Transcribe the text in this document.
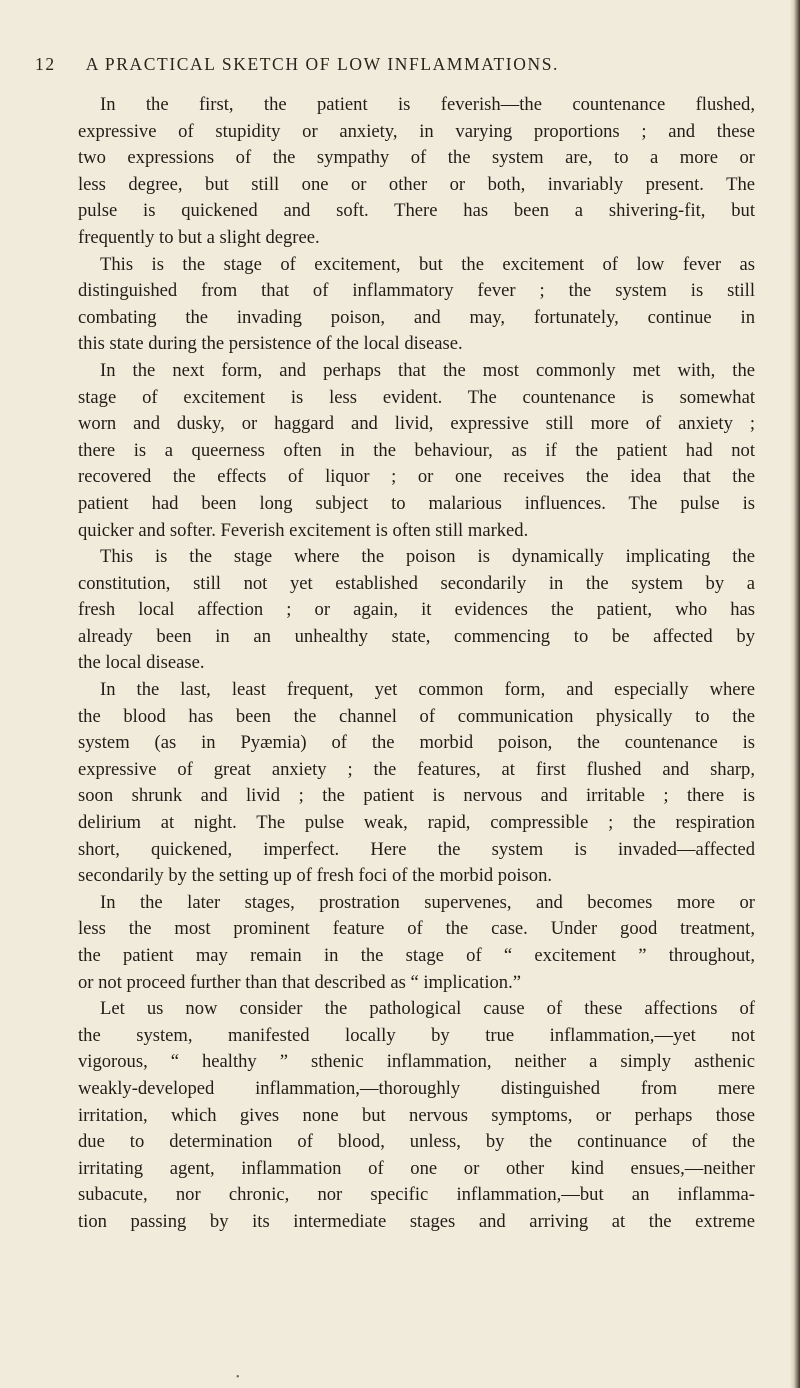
12 A PRACTICAL SKETCH OF LOW INFLAMMATIONS.
In the first, the patient is feverish—the countenance flushed,
expressive of stupidity or anxiety, in varying proportions ; and these
two expressions of the sympathy of the system are, to a more or
less degree, but still one or other or both, invariably present. The
pulse is quickened and soft. There has been a shivering-fit, but
frequently to but a slight degree.
This is the stage of excitement, but the excitement of low fever as
distinguished from that of inflammatory fever ; the system is still
combating the invading poison, and may, fortunately, continue in
this state during the persistence of the local disease.
In the next form, and perhaps that the most commonly met with, the
stage of excitement is less evident. The countenance is somewhat
worn and dusky, or haggard and livid, expressive still more of anxiety ;
there is a queerness often in the behaviour, as if the patient had not
recovered the effects of liquor ; or one receives the idea that the
patient had been long subject to malarious influences. The pulse is
quicker and softer. Feverish excitement is often still marked.
This is the stage where the poison is dynamically implicating the
constitution, still not yet established secondarily in the system by a
fresh local affection ; or again, it evidences the patient, who has
already been in an unhealthy state, commencing to be affected by
the local disease.
In the last, least frequent, yet common form, and especially where
the blood has been the channel of communication physically to the
system (as in Pyæmia) of the morbid poison, the countenance is
expressive of great anxiety ; the features, at first flushed and sharp,
soon shrunk and livid ; the patient is nervous and irritable ; there is
delirium at night. The pulse weak, rapid, compressible ; the respiration
short, quickened, imperfect. Here the system is invaded—affected
secondarily by the setting up of fresh foci of the morbid poison.
In the later stages, prostration supervenes, and becomes more or
less the most prominent feature of the case. Under good treatment,
the patient may remain in the stage of “ excitement ” throughout,
or not proceed further than that described as “ implication.”
Let us now consider the pathological cause of these affections of
the system, manifested locally by true inflammation,—yet not
vigorous, “ healthy ” sthenic inflammation, neither a simply asthenic
weakly-developed inflammation,—thoroughly distinguished from mere
irritation, which gives none but nervous symptoms, or perhaps those
due to determination of blood, unless, by the continuance of the
irritating agent, inflammation of one or other kind ensues,—neither
subacute, nor chronic, nor specific inflammation,—but an inflamma-
tion passing by its intermediate stages and arriving at the extreme
•
